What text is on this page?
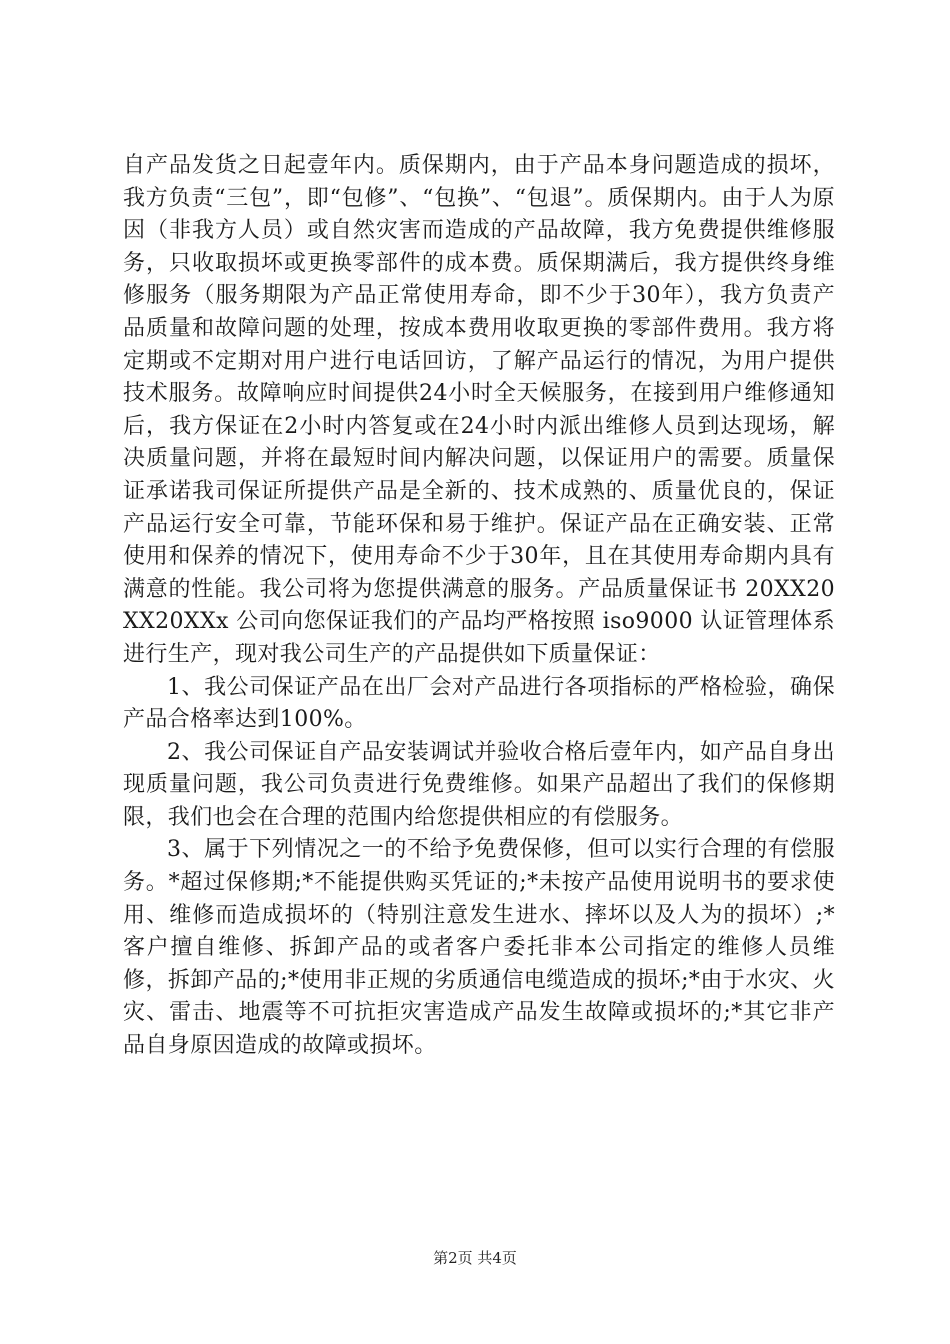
自产品发货之日起壹年内。质保期内，由于产品本身问题造成的损坏，我方负责“三包”，即“包修”、“包换”、“包退”。质保期内。由于人为原因（非我方人员）或自然灾害而造成的产品故障，我方免费提供维修服务，只收取损坏或更换零部件的成本费。质保期满后，我方提供终身维修服务（服务期限为产品正常使用寿命，即不少于30年），我方负责产品质量和故障问题的处理，按成本费用收取更换的零部件费用。我方将定期或不定期对用户进行电话回访，了解产品运行的情况，为用户提供技术服务。故障响应时间提供24小时全天候服务，在接到用户维修通知后，我方保证在2小时内答复或在24小时内派出维修人员到达现场，解决质量问题，并将在最短时间内解决问题，以保证用户的需要。质量保证承诺我司保证所提供产品是全新的、技术成熟的、质量优良的，保证产品运行安全可靠，节能环保和易于维护。保证产品在正确安装、正常使用和保养的情况下，使用寿命不少于30年，且在其使用寿命期内具有满意的性能。我公司将为您提供满意的服务。产品质量保证书 20XX20XX20XXx 公司向您保证我们的产品均严格按照 iso9000 认证管理体系进行生产，现对我公司生产的产品提供如下质量保证：

1、我公司保证产品在出厂会对产品进行各项指标的严格检验，确保产品合格率达到100%。

2、我公司保证自产品安装调试并验收合格后壹年内，如产品自身出现质量问题，我公司负责进行免费维修。如果产品超出了我们的保修期限，我们也会在合理的范围内给您提供相应的有偿服务。

3、属于下列情况之一的不给予免费保修，但可以实行合理的有偿服务。*超过保修期;*不能提供购买凭证的;*未按产品使用说明书的要求使用、维修而造成损坏的（特别注意发生进水、摔坏以及人为的损坏）;*客户擅自维修、拆卸产品的或者客户委托非本公司指定的维修人员维修，拆卸产品的;*使用非正规的劣质通信电缆造成的损坏;*由于水灾、火灾、雷击、地震等不可抗拒灾害造成产品发生故障或损坏的;*其它非产品自身原因造成的故障或损坏。

第2页 共4页
